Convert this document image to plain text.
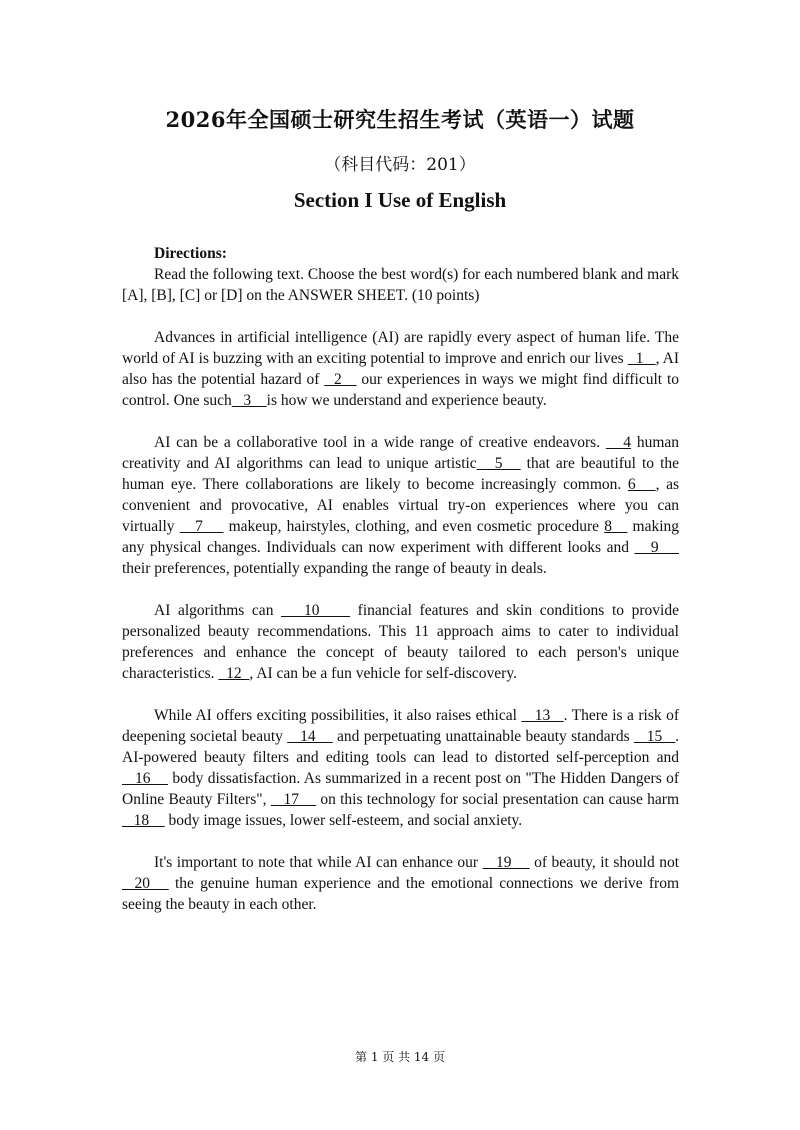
2026年全国硕士研究生招生考试（英语一）试题
（科目代码：201）
Section I Use of English

Directions:

Read the following text. Choose the best word(s) for each numbered blank and mark [A], [B], [C] or [D] on the ANSWER SHEET. (10 points)

Advances in artificial intelligence (AI) are rapidly every aspect of human life. The world of AI is buzzing with an exciting potential to improve and enrich our lives   1   , AI also has the potential hazard of   2    our experiences in ways we might find difficult to control. One such   3    is how we understand and experience beauty.

AI can be a collaborative tool in a wide range of creative endeavors.    4 human creativity and AI algorithms can lead to unique artistic   5    that are beautiful to the human eye. There collaborations are likely to become increasingly common. 6   , as convenient and provocative, AI enables virtual try-on experiences where you can virtually    7     makeup, hairstyles, clothing, and even cosmetic procedure 8    making any physical changes. Individuals can now experiment with different looks and    9     their preferences, potentially expanding the range of beauty in deals.

AI algorithms can    10     financial features and skin conditions to provide personalized beauty recommendations. This 11 approach aims to cater to individual preferences and enhance the concept of beauty tailored to each person's unique characteristics.   12  , AI can be a fun vehicle for self-discovery.

While AI offers exciting possibilities, it also raises ethical    13   . There is a risk of deepening societal beauty    14     and perpetuating unattainable beauty standards    15   . AI-powered beauty filters and editing tools can lead to distorted self-perception and    16     body dissatisfaction. As summarized in a recent post on "The Hidden Dangers of Online Beauty Filters",    17     on this technology for social presentation can cause harm    18     body image issues, lower self-esteem, and social anxiety.

It's important to note that while AI can enhance our    19     of beauty, it should not   20    the genuine human experience and the emotional connections we derive from seeing the beauty in each other.

第 1 页 共 14 页
